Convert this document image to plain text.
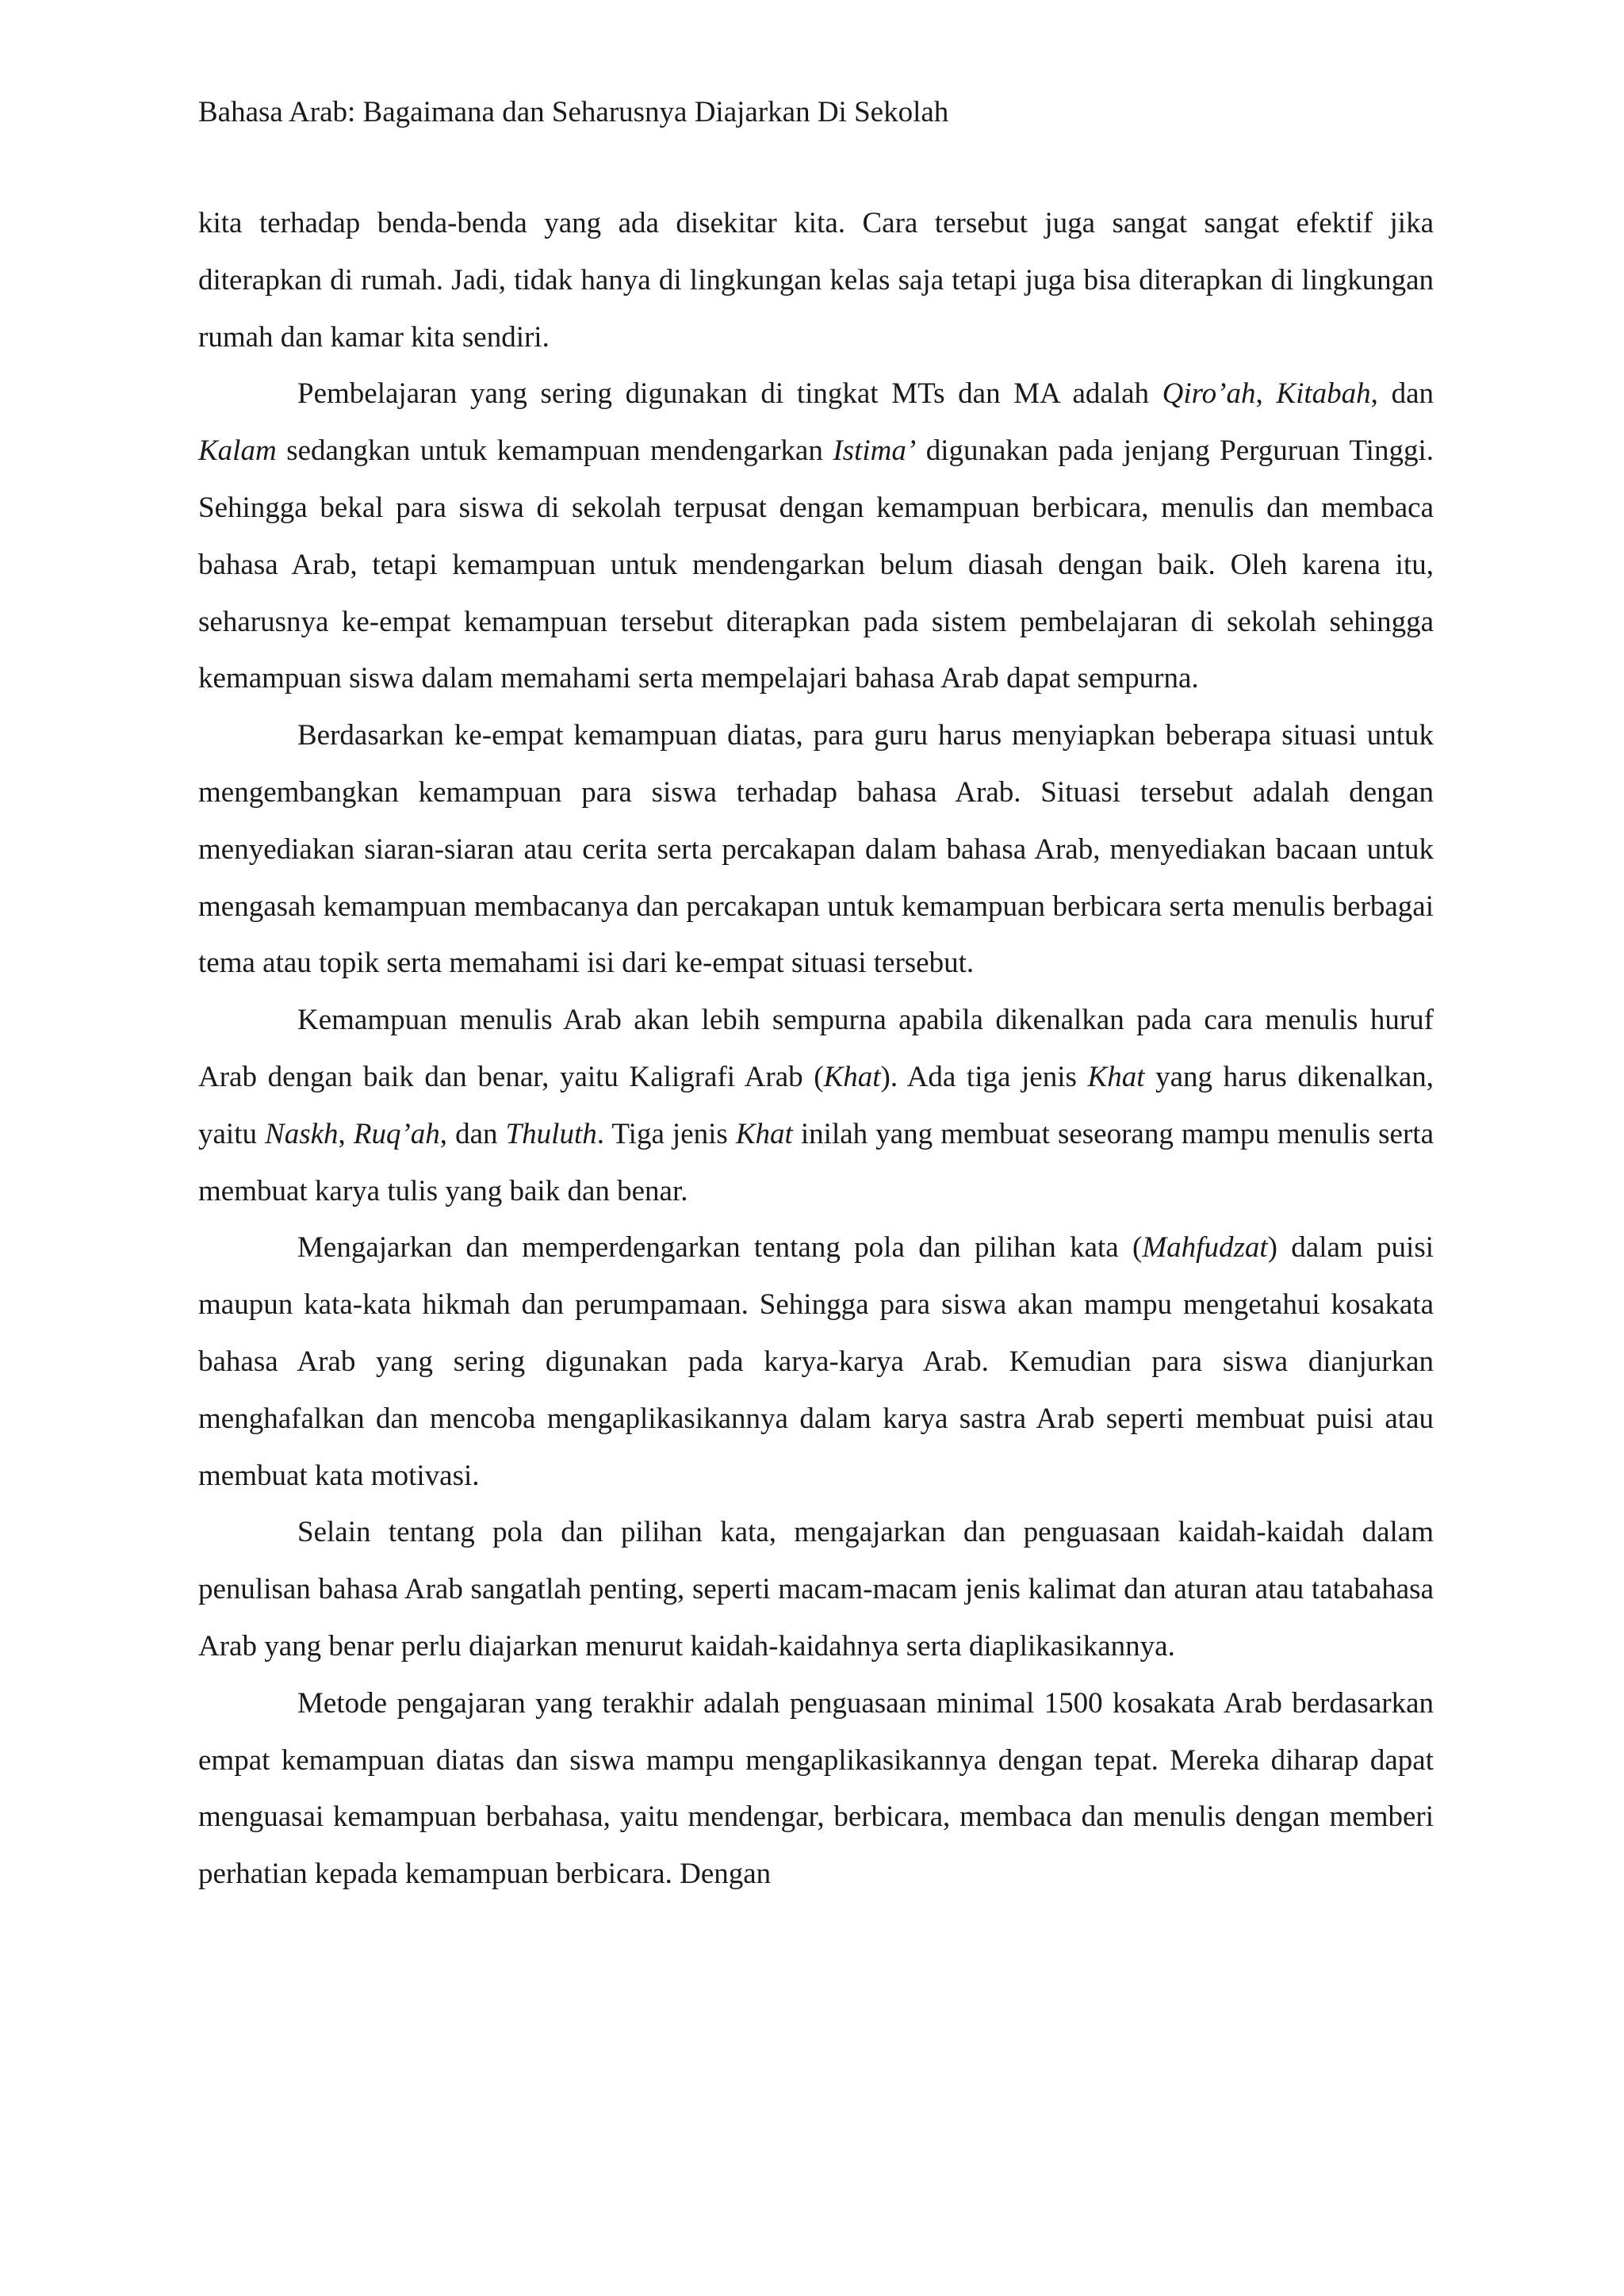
Bahasa Arab: Bagaimana dan Seharusnya Diajarkan Di Sekolah

kita terhadap benda-benda yang ada disekitar kita. Cara tersebut juga sangat sangat efektif jika diterapkan di rumah. Jadi, tidak hanya di lingkungan kelas saja tetapi juga bisa diterapkan di lingkungan rumah dan kamar kita sendiri.

Pembelajaran yang sering digunakan di tingkat MTs dan MA adalah Qiro’ah, Kitabah, dan Kalam sedangkan untuk kemampuan mendengarkan Istima’ digunakan pada jenjang Perguruan Tinggi. Sehingga bekal para siswa di sekolah terpusat dengan kemampuan berbicara, menulis dan membaca bahasa Arab, tetapi kemampuan untuk mendengarkan belum diasah dengan baik. Oleh karena itu, seharusnya ke-empat kemampuan tersebut diterapkan pada sistem pembelajaran di sekolah sehingga kemampuan siswa dalam memahami serta mempelajari bahasa Arab dapat sempurna.

Berdasarkan ke-empat kemampuan diatas, para guru harus menyiapkan beberapa situasi untuk mengembangkan kemampuan para siswa terhadap bahasa Arab. Situasi tersebut adalah dengan menyediakan siaran-siaran atau cerita serta percakapan dalam bahasa Arab, menyediakan bacaan untuk mengasah kemampuan membacanya dan percakapan untuk kemampuan berbicara serta menulis berbagai tema atau topik serta memahami isi dari ke-empat situasi tersebut.

Kemampuan menulis Arab akan lebih sempurna apabila dikenalkan pada cara menulis huruf Arab dengan baik dan benar, yaitu Kaligrafi Arab (Khat). Ada tiga jenis Khat yang harus dikenalkan, yaitu Naskh, Ruq’ah, dan Thuluth. Tiga jenis Khat inilah yang membuat seseorang mampu menulis serta membuat karya tulis yang baik dan benar.

Mengajarkan dan memperdengarkan tentang pola dan pilihan kata (Mahfudzat) dalam puisi maupun kata-kata hikmah dan perumpamaan. Sehingga para siswa akan mampu mengetahui kosakata bahasa Arab yang sering digunakan pada karya-karya Arab. Kemudian para siswa dianjurkan menghafalkan dan mencoba mengaplikasikannya dalam karya sastra Arab seperti membuat puisi atau membuat kata motivasi.

Selain tentang pola dan pilihan kata, mengajarkan dan penguasaan kaidah-kaidah dalam penulisan bahasa Arab sangatlah penting, seperti macam-macam jenis kalimat dan aturan atau tatabahasa Arab yang benar perlu diajarkan menurut kaidah-kaidahnya serta diaplikasikannya.

Metode pengajaran yang terakhir adalah penguasaan minimal 1500 kosakata Arab berdasarkan empat kemampuan diatas dan siswa mampu mengaplikasikannya dengan tepat. Mereka diharap dapat menguasai kemampuan berbahasa, yaitu mendengar, berbicara, membaca dan menulis dengan memberi perhatian kepada kemampuan berbicara. Dengan
